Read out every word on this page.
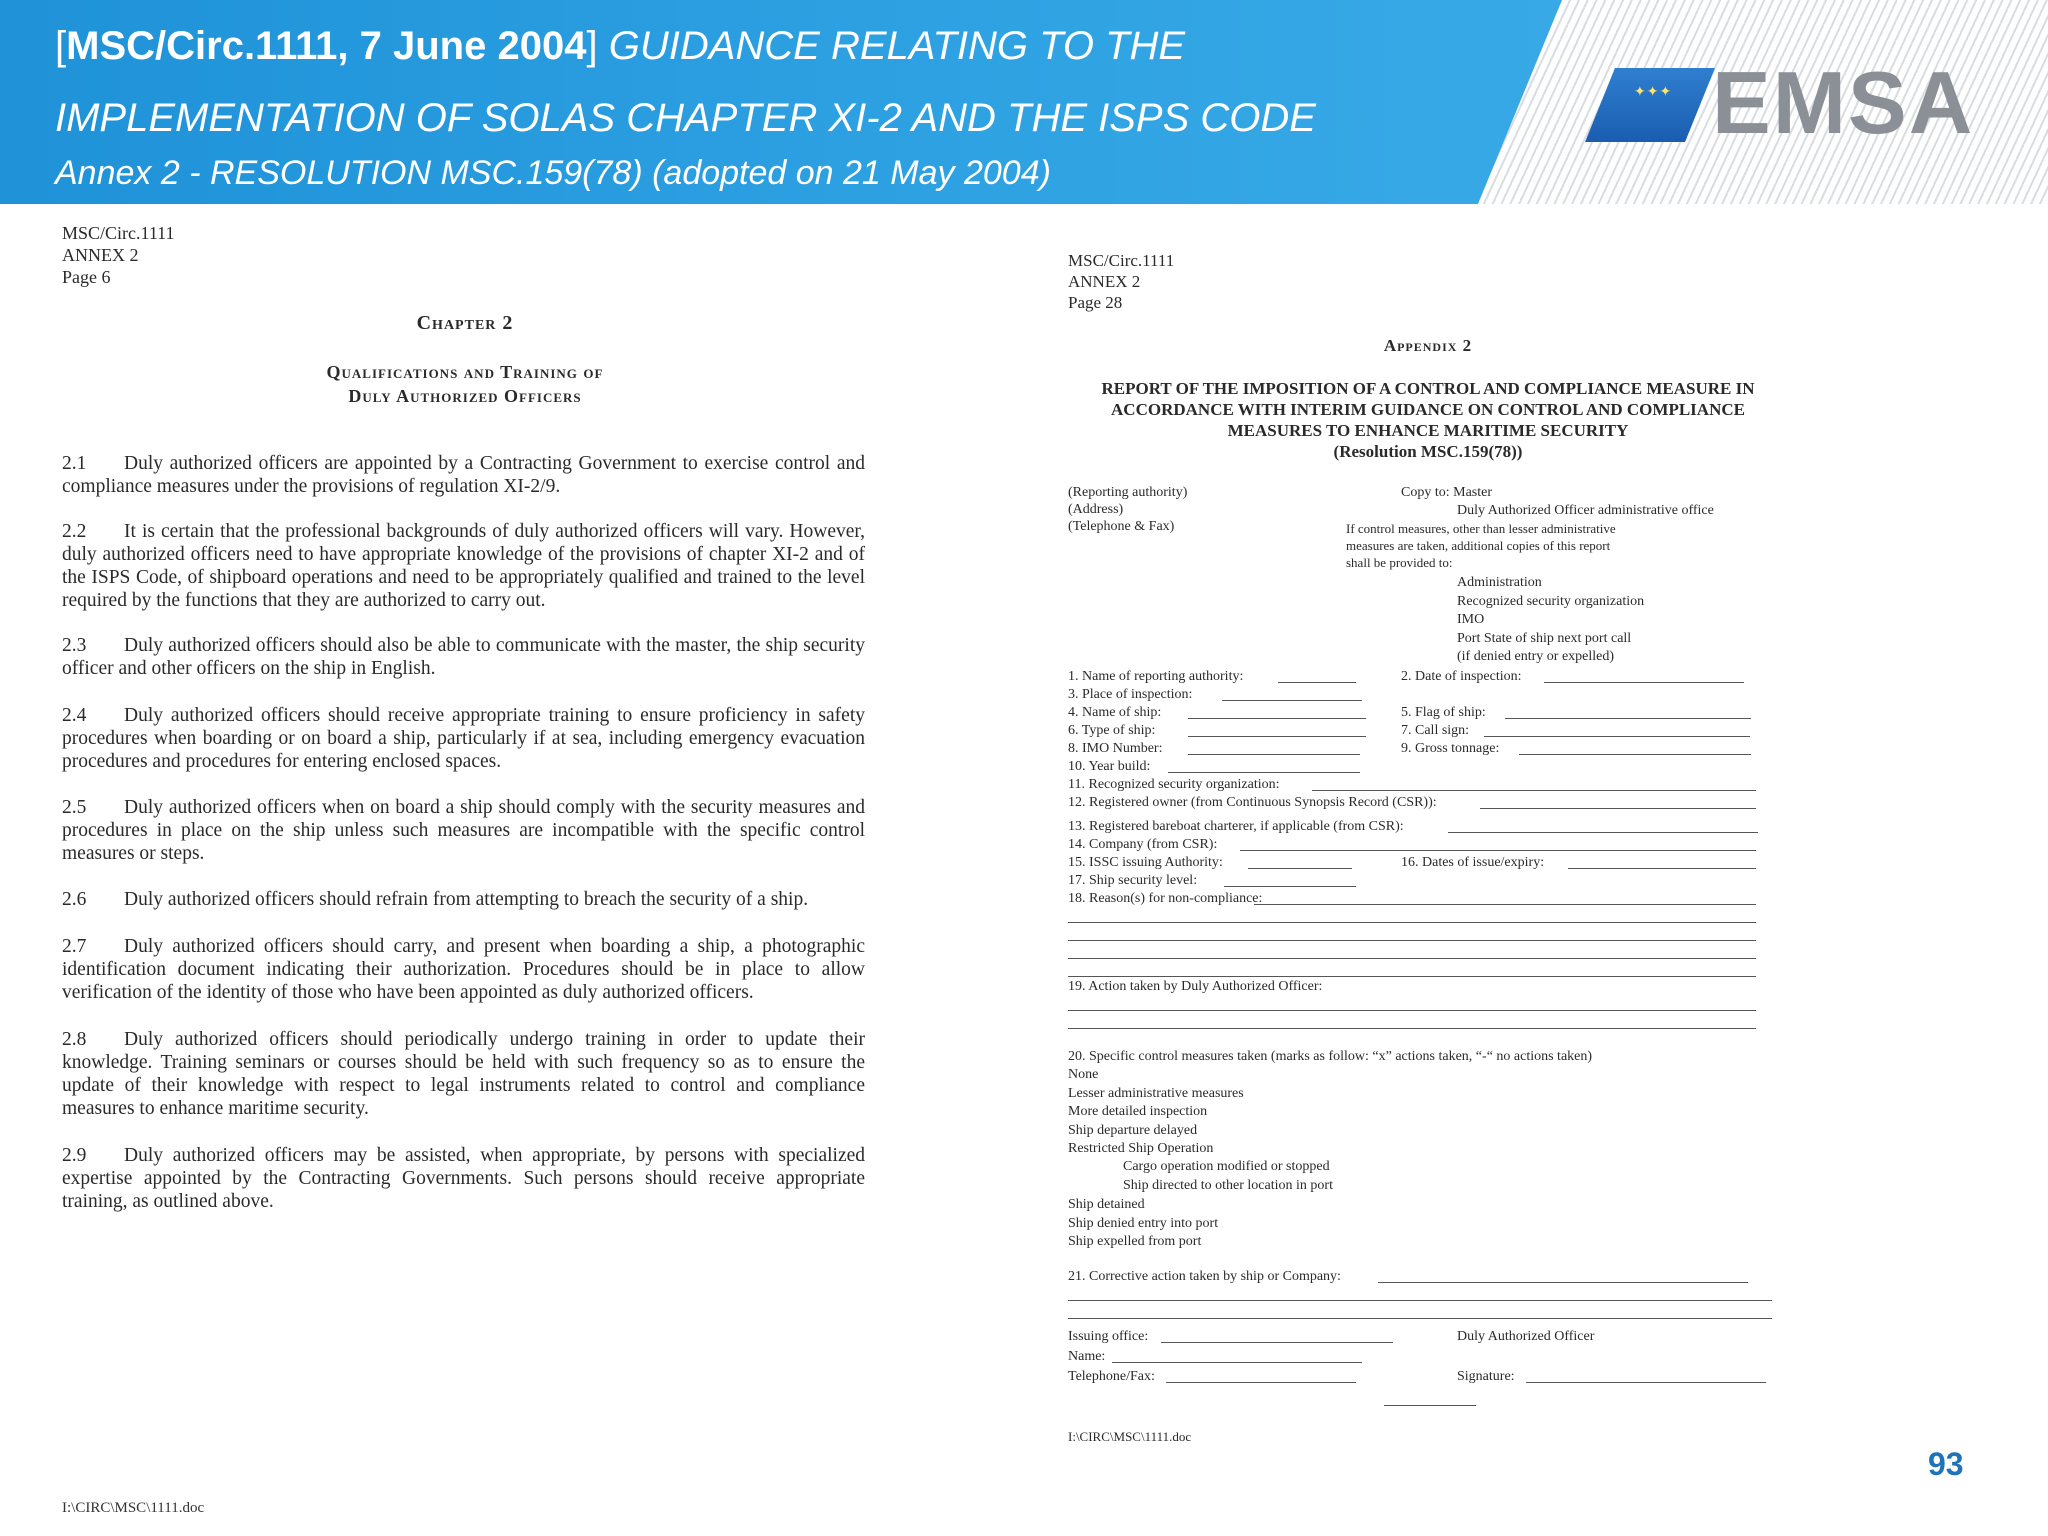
[MSC/Circ.1111, 7 June 2004] GUIDANCE RELATING TO THE
IMPLEMENTATION OF SOLAS CHAPTER XI-2 AND THE ISPS CODE
Annex 2 - RESOLUTION MSC.159(78) (adopted on 21 May 2004)
✦✦✦ EMSA
MSC/Circ.1111
ANNEX 2
Page 6
Chapter 2
Qualifications and Training of
Duly Authorized Officers
2.1 Duly authorized officers are appointed by a Contracting Government to exercise control and compliance measures under the provisions of regulation XI-2/9.
2.2 It is certain that the professional backgrounds of duly authorized officers will vary. However, duly authorized officers need to have appropriate knowledge of the provisions of chapter XI-2 and of the ISPS Code, of shipboard operations and need to be appropriately qualified and trained to the level required by the functions that they are authorized to carry out.
2.3 Duly authorized officers should also be able to communicate with the master, the ship security officer and other officers on the ship in English.
2.4 Duly authorized officers should receive appropriate training to ensure proficiency in safety procedures when boarding or on board a ship, particularly if at sea, including emergency evacuation procedures and procedures for entering enclosed spaces.
2.5 Duly authorized officers when on board a ship should comply with the security measures and procedures in place on the ship unless such measures are incompatible with the specific control measures or steps.
2.6 Duly authorized officers should refrain from attempting to breach the security of a ship.
2.7 Duly authorized officers should carry, and present when boarding a ship, a photographic identification document indicating their authorization. Procedures should be in place to allow verification of the identity of those who have been appointed as duly authorized officers.
2.8 Duly authorized officers should periodically undergo training in order to update their knowledge. Training seminars or courses should be held with such frequency so as to ensure the update of their knowledge with respect to legal instruments related to control and compliance measures to enhance maritime security.
2.9 Duly authorized officers may be assisted, when appropriate, by persons with specialized expertise appointed by the Contracting Governments. Such persons should receive appropriate training, as outlined above.
I:\CIRC\MSC\1111.doc
MSC/Circ.1111
ANNEX 2
Page 28
Appendix 2
REPORT OF THE IMPOSITION OF A CONTROL AND COMPLIANCE MEASURE IN
ACCORDANCE WITH INTERIM GUIDANCE ON CONTROL AND COMPLIANCE
MEASURES TO ENHANCE MARITIME SECURITY
(Resolution MSC.159(78))
(Reporting authority)
(Address)
(Telephone & Fax)
Copy to: Master
Duly Authorized Officer administrative office
If control measures, other than lesser administrative
measures are taken, additional copies of this report
shall be provided to:
Administration
Recognized security organization
IMO
Port State of ship next port call
(if denied entry or expelled)
1. Name of reporting authority:	2. Date of inspection:
3. Place of inspection:
4. Name of ship:	5. Flag of ship:
6. Type of ship:	7. Call sign:
8. IMO Number:	9. Gross tonnage:
10. Year build:
11. Recognized security organization:
12. Registered owner (from Continuous Synopsis Record (CSR)):
13. Registered bareboat charterer, if applicable (from CSR):
14. Company (from CSR):
15. ISSC issuing Authority:	16. Dates of issue/expiry:
17. Ship security level:
18. Reason(s) for non-compliance:
19. Action taken by Duly Authorized Officer:
20. Specific control measures taken (marks as follow: “x” actions taken, “-“ no actions taken)
None
Lesser administrative measures
More detailed inspection
Ship departure delayed
Restricted Ship Operation
Cargo operation modified or stopped
Ship directed to other location in port
Ship detained
Ship denied entry into port
Ship expelled from port
21. Corrective action taken by ship or Company:
Issuing office:	Duly Authorized Officer
Name:
Telephone/Fax:	Signature:
I:\CIRC\MSC\1111.doc
93
